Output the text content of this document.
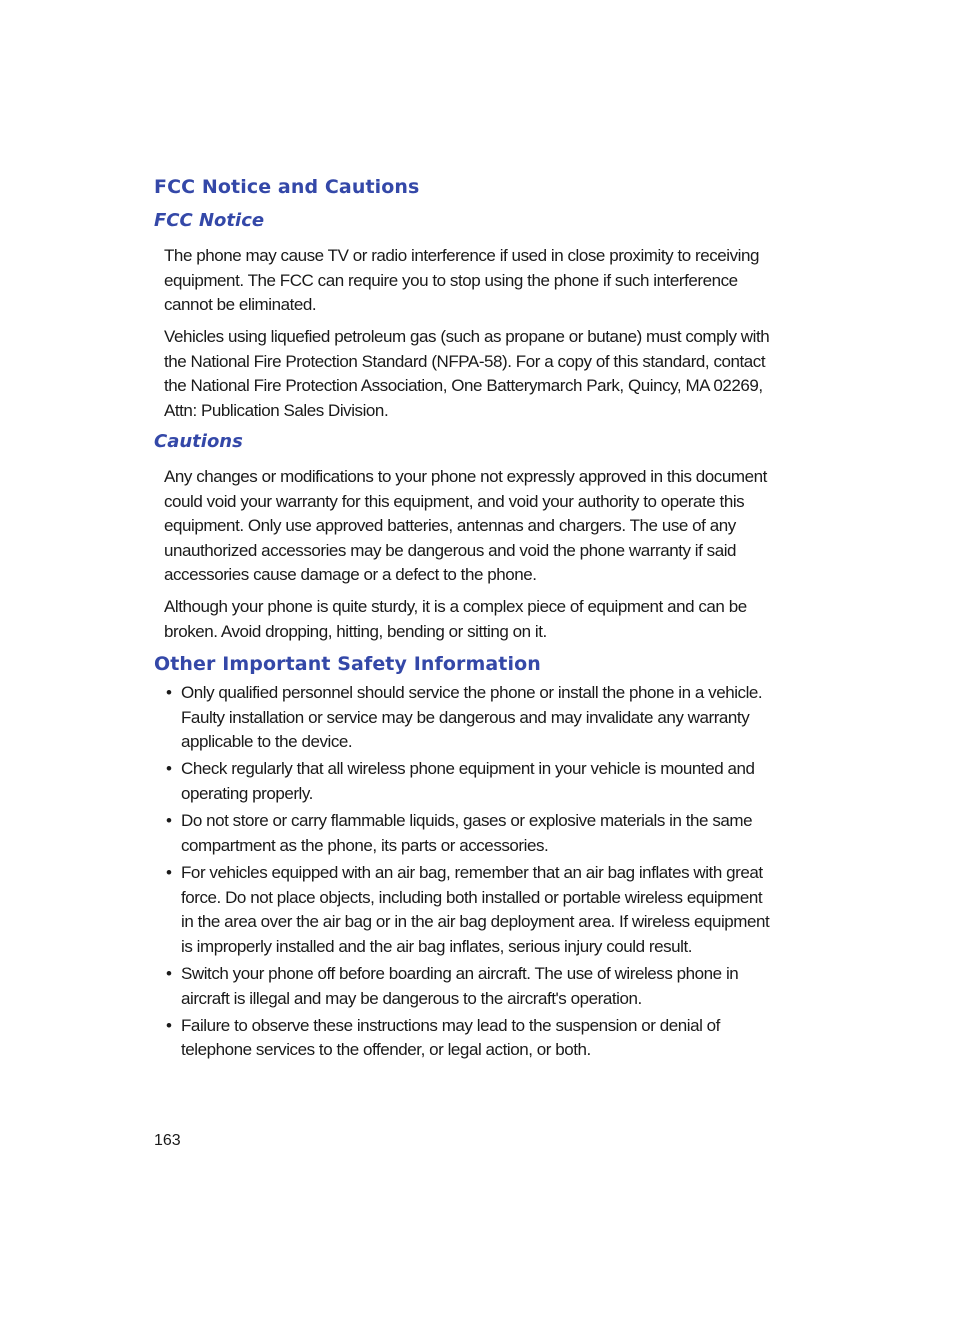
FCC Notice and Cautions
FCC Notice

The phone may cause TV or radio interference if used in close proximity to receiving equipment. The FCC can require you to stop using the phone if such interference cannot be eliminated.

Vehicles using liquefied petroleum gas (such as propane or butane) must comply with the National Fire Protection Standard (NFPA-58). For a copy of this standard, contact the National Fire Protection Association, One Batterymarch Park, Quincy, MA 02269, Attn: Publication Sales Division.

Cautions

Any changes or modifications to your phone not expressly approved in this document could void your warranty for this equipment, and void your authority to operate this equipment. Only use approved batteries, antennas and chargers. The use of any unauthorized accessories may be dangerous and void the phone warranty if said accessories cause damage or a defect to the phone.

Although your phone is quite sturdy, it is a complex piece of equipment and can be broken. Avoid dropping, hitting, bending or sitting on it.

Other Important Safety Information
• Only qualified personnel should service the phone or install the phone in a vehicle. Faulty installation or service may be dangerous and may invalidate any warranty applicable to the device.
• Check regularly that all wireless phone equipment in your vehicle is mounted and operating properly.
• Do not store or carry flammable liquids, gases or explosive materials in the same compartment as the phone, its parts or accessories.
• For vehicles equipped with an air bag, remember that an air bag inflates with great force. Do not place objects, including both installed or portable wireless equipment in the area over the air bag or in the air bag deployment area. If wireless equipment is improperly installed and the air bag inflates, serious injury could result.
• Switch your phone off before boarding an aircraft. The use of wireless phone in aircraft is illegal and may be dangerous to the aircraft's operation.
• Failure to observe these instructions may lead to the suspension or denial of telephone services to the offender, or legal action, or both.
163
